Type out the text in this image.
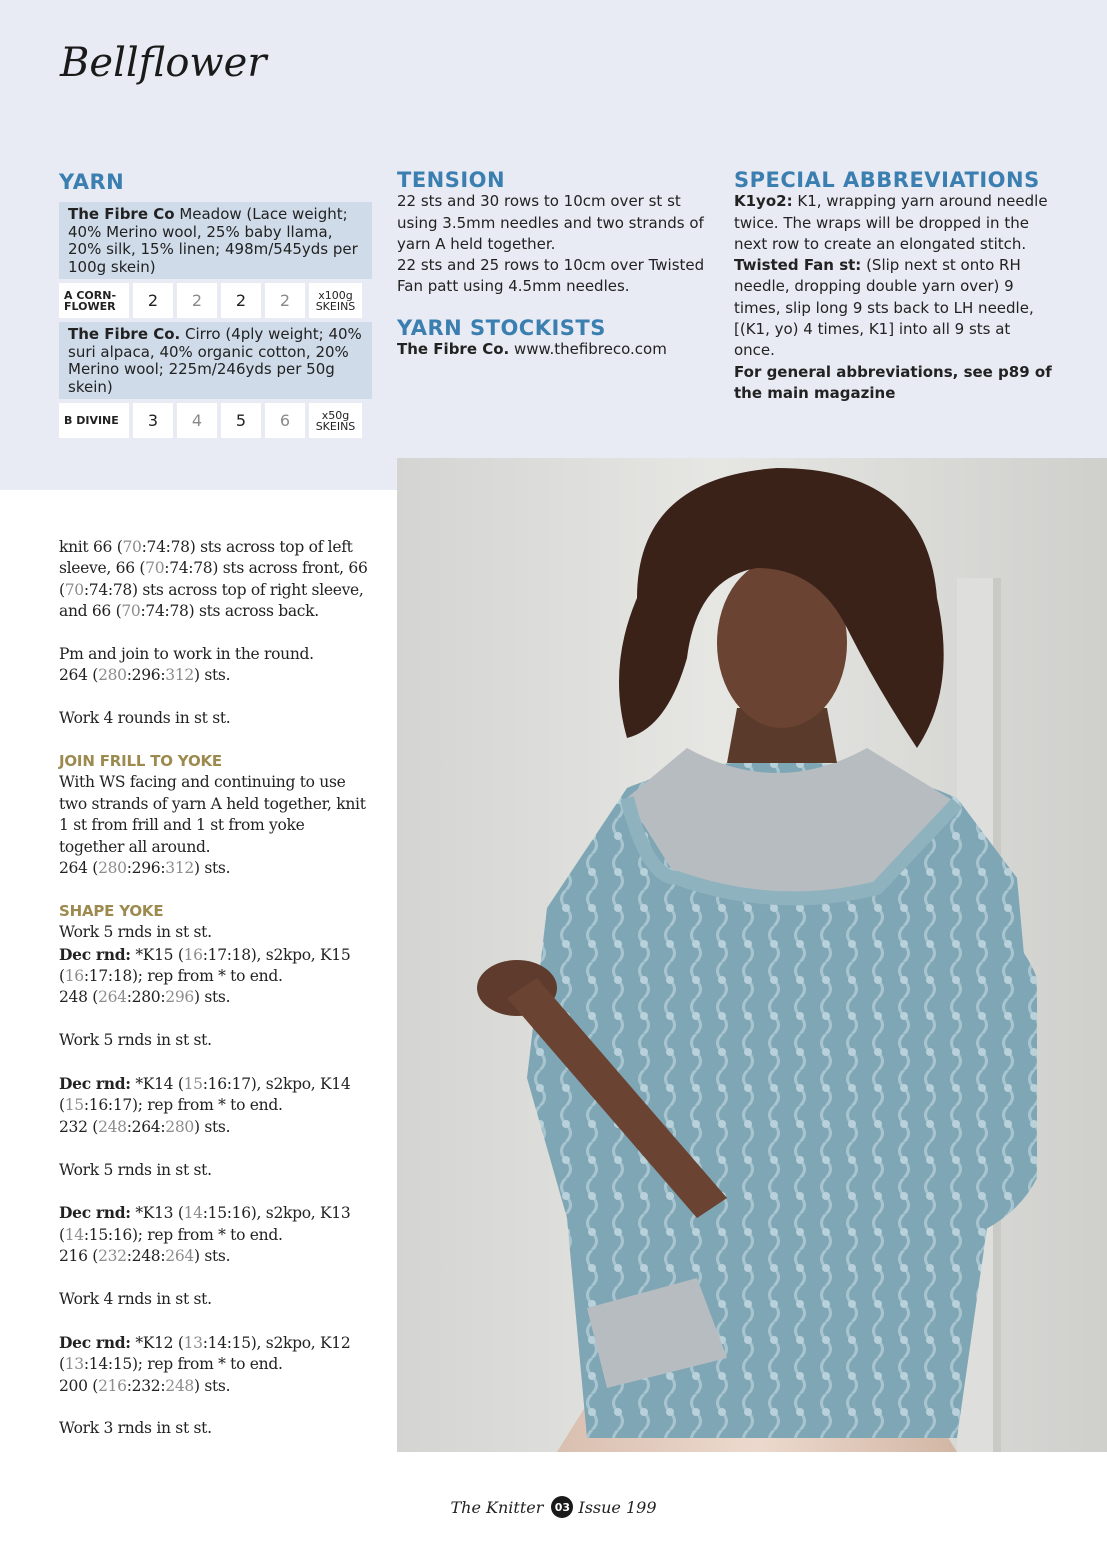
Bellflower
YARN
The Fibre Co Meadow (Lace weight; 40% Merino wool, 25% baby llama, 20% silk, 15% linen; 498m/545yds per 100g skein)
A CORN-FLOWER	2	2	2	2	x100g
SKEINS
The Fibre Co. Cirro (4ply weight; 40% suri alpaca, 40% organic cotton, 20% Merino wool; 225m/246yds per 50g skein)
B DIVINE	3	4	5	6	x50g
SKEINS
TENSION
22 sts and 30 rows to 10cm over st st using 3.5mm needles and two strands of yarn A held together.
22 sts and 25 rows to 10cm over Twisted Fan patt using 4.5mm needles.
YARN STOCKISTS
The Fibre Co. www.thefibreco.com
SPECIAL ABBREVIATIONS
K1yo2: K1, wrapping yarn around needle twice. The wraps will be dropped in the next row to create an elongated stitch.
Twisted Fan st: (Slip next st onto RH needle, dropping double yarn over) 9 times, slip long 9 sts back to LH needle, [(K1, yo) 4 times, K1] into all 9 sts at once.
For general abbreviations, see p89 of the main magazine

knit 66 (70:74:78) sts across top of left sleeve, 66 (70:74:78) sts across front, 66 (70:74:78) sts across top of right sleeve, and 66 (70:74:78) sts across back.

Pm and join to work in the round.
264 (280:296:312) sts.

Work 4 rounds in st st.

JOIN FRILL TO YOKE

With WS facing and continuing to use two strands of yarn A held together, knit 1 st from frill and 1 st from yoke together all around.
264 (280:296:312) sts.

SHAPE YOKE

Work 5 rnds in st st.
Dec rnd: *K15 (16:17:18), s2kpo, K15 (16:17:18); rep from * to end.
248 (264:280:296) sts.

Work 5 rnds in st st.

Dec rnd: *K14 (15:16:17), s2kpo, K14 (15:16:17); rep from * to end.
232 (248:264:280) sts.

Work 5 rnds in st st.

Dec rnd: *K13 (14:15:16), s2kpo, K13 (14:15:16); rep from * to end.
216 (232:248:264) sts.

Work 4 rnds in st st.

Dec rnd: *K12 (13:14:15), s2kpo, K12 (13:14:15); rep from * to end.
200 (216:232:248) sts.

Work 3 rnds in st st.

The Knitter	03 Issue 199
